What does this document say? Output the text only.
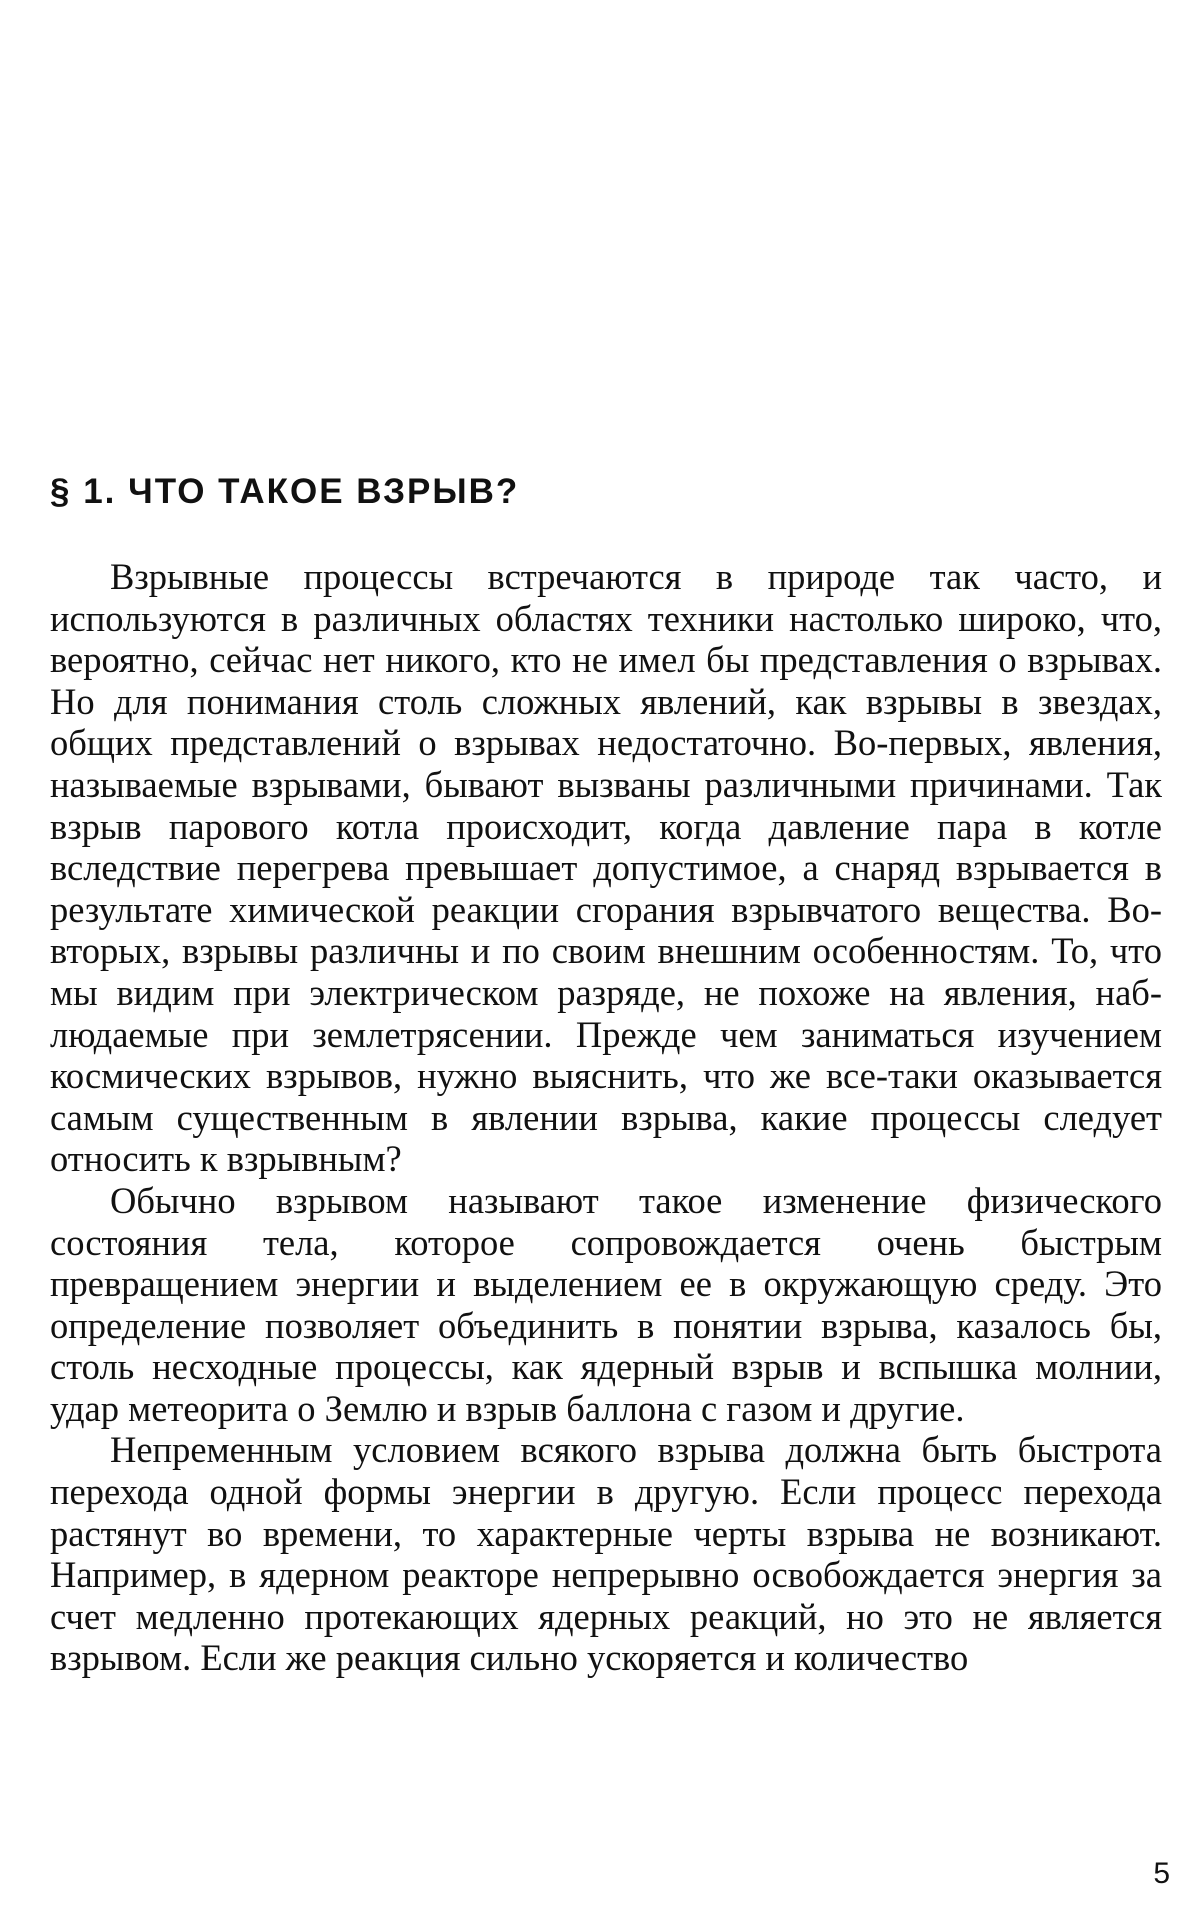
§ 1. ЧТО ТАКОЕ ВЗРЫВ?

Взрывные процессы встречаются в природе так часто, и используются в различных областях техники настолько широко, что, вероятно, сейчас нет никого, кто не имел бы представления о взрывах. Но для понимания столь сложных явлений, как взрывы в звездах, общих представлений о взрывах недостаточно. Во-первых, явления, называемые взрывами, бывают вызваны различными причинами. Так взрыв парового котла происходит, когда давление пара в котле вследствие перегрева превышает допустимое, а снаряд взрывается в результате химической реакции сгорания взрывчатого вещества. Во-вторых, взрывы различны и по своим внешним особенностям. То, что мы видим при электрическом разряде, не похоже на явления, наблюдаемые при землетрясении. Прежде чем заниматься изучением космических взрывов, нужно выяснить, что же все-таки оказывается самым существенным в явлении взрыва, какие процессы следует относить к взрывным?

Обычно взрывом называют такое изменение физического состояния тела, которое сопровождается очень быстрым превращением энергии и выделением ее в окружающую среду. Это определение позволяет объединить в понятии взрыва, казалось бы, столь несходные процессы, как ядерный взрыв и вспышка молнии, удар метеорита о Землю и взрыв баллона с газом и другие.

Непременным условием всякого взрыва должна быть быстрота перехода одной формы энергии в другую. Если процесс перехода растянут во времени, то характерные черты взрыва не возникают. Например, в ядерном реакторе непрерывно освобождается энергия за счет медленно протекающих ядерных реакций, но это не является взрывом. Если же реакция сильно ускоряется и количество

5
